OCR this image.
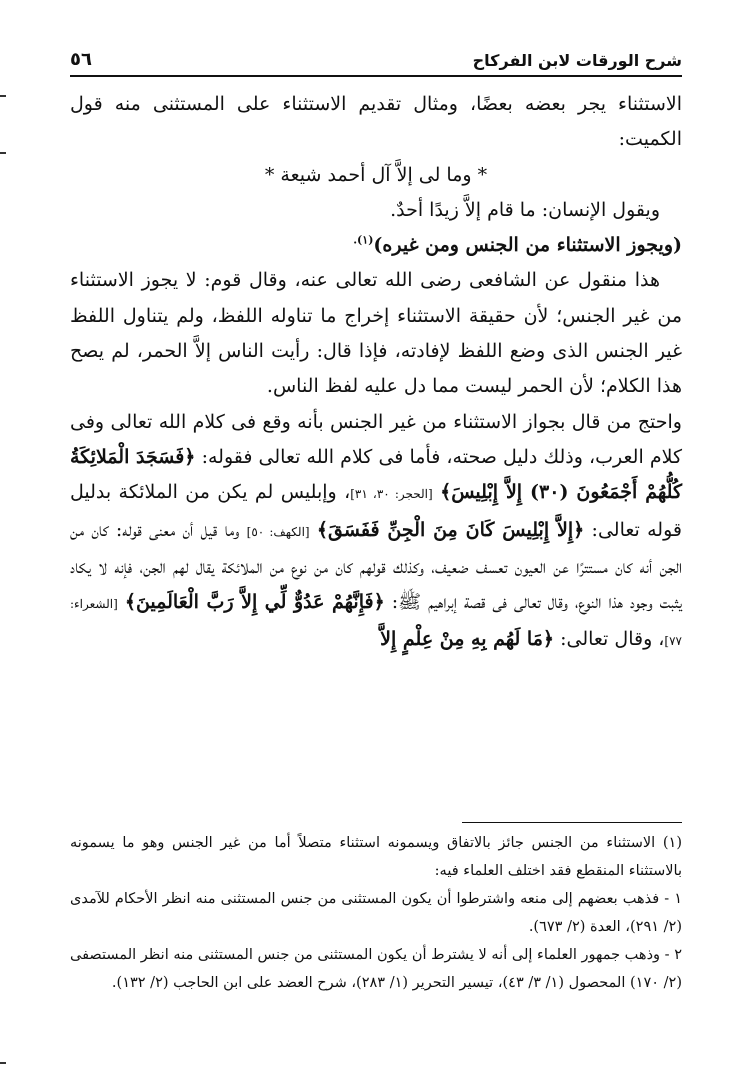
شرح الورقات لابن الفركاح
٥٦

الاستثناء يجر بعضه بعضًا، ومثال تقديم الاستثناء على المستثنى منه قول الكميت:

* وما لى إلاَّ آل أحمد شيعة *

ويقول الإنسان: ما قام إلاَّ زيدًا أحدٌ.

(ويجوز الاستثناء من الجنس ومن غيره)$^{(١).}$

هذا منقول عن الشافعى رضى الله تعالى عنه، وقال قوم: لا يجوز الاستثناء من غير الجنس؛ لأن حقيقة الاستثناء إخراج ما تناوله اللفظ، ولم يتناول اللفظ غير الجنس الذى وضع اللفظ لإفادته، فإذا قال: رأيت الناس إلاَّ الحمر، لم يصح هذا الكلام؛ لأن الحمر ليست مما دل عليه لفظ الناس.

واحتج من قال بجواز الاستثناء من غير الجنس بأنه وقع فى كلام الله تعالى وفى كلام العرب، وذلك دليل صحته، فأما فى كلام الله تعالى فقوله: ﴿فَسَجَدَ الْمَلائِكَةُ كُلُّهُمْ أَجْمَعُونَ (٣٠) إِلاَّ إِبْلِيسَ﴾ [الحجر: ٣٠، ٣١]، وإبليس لم يكن من الملائكة بدليل قوله تعالى: ﴿إِلاَّ إِبْلِيسَ كَانَ مِنَ الْجِنِّ فَفَسَقَ﴾ [الكهف: ٥٠] وما قيل أن معنى قوله: كان من الجن أنه كان مستترًا عن العيون تعسف ضعيف، وكذلك قولهم كان من نوع من الملائكة يقال لهم الجن، فإنه لا يكاد يثبت وجود هذا النوع، وقال تعالى فى قصة إبراهيم ﷺ: ﴿فَإِنَّهُمْ عَدُوٌّ لِّي إِلاَّ رَبَّ الْعَالَمِينَ﴾ [الشعراء: ٧٧]، وقال تعالى: ﴿مَا لَهُم بِهِ مِنْ عِلْمٍ إِلاَّ

(١) الاستثناء من الجنس جائز بالاتفاق ويسمونه استثناء متصلاً أما من غير الجنس وهو ما يسمونه بالاستثناء المنقطع فقد اختلف العلماء فيه:

١ - فذهب بعضهم إلى منعه واشترطوا أن يكون المستثنى من جنس المستثنى منه انظر الأحكام للآمدى (٢/ ٢٩١)، العدة (٢/ ٦٧٣).

٢ - وذهب جمهور العلماء إلى أنه لا يشترط أن يكون المستثنى من جنس المستثنى منه انظر المستصفى (٢/ ١٧٠) المحصول (١/ ٣/ ٤٣)، تيسير التحرير (١/ ٢٨٣)، شرح العضد على ابن الحاجب (٢/ ١٣٢).
